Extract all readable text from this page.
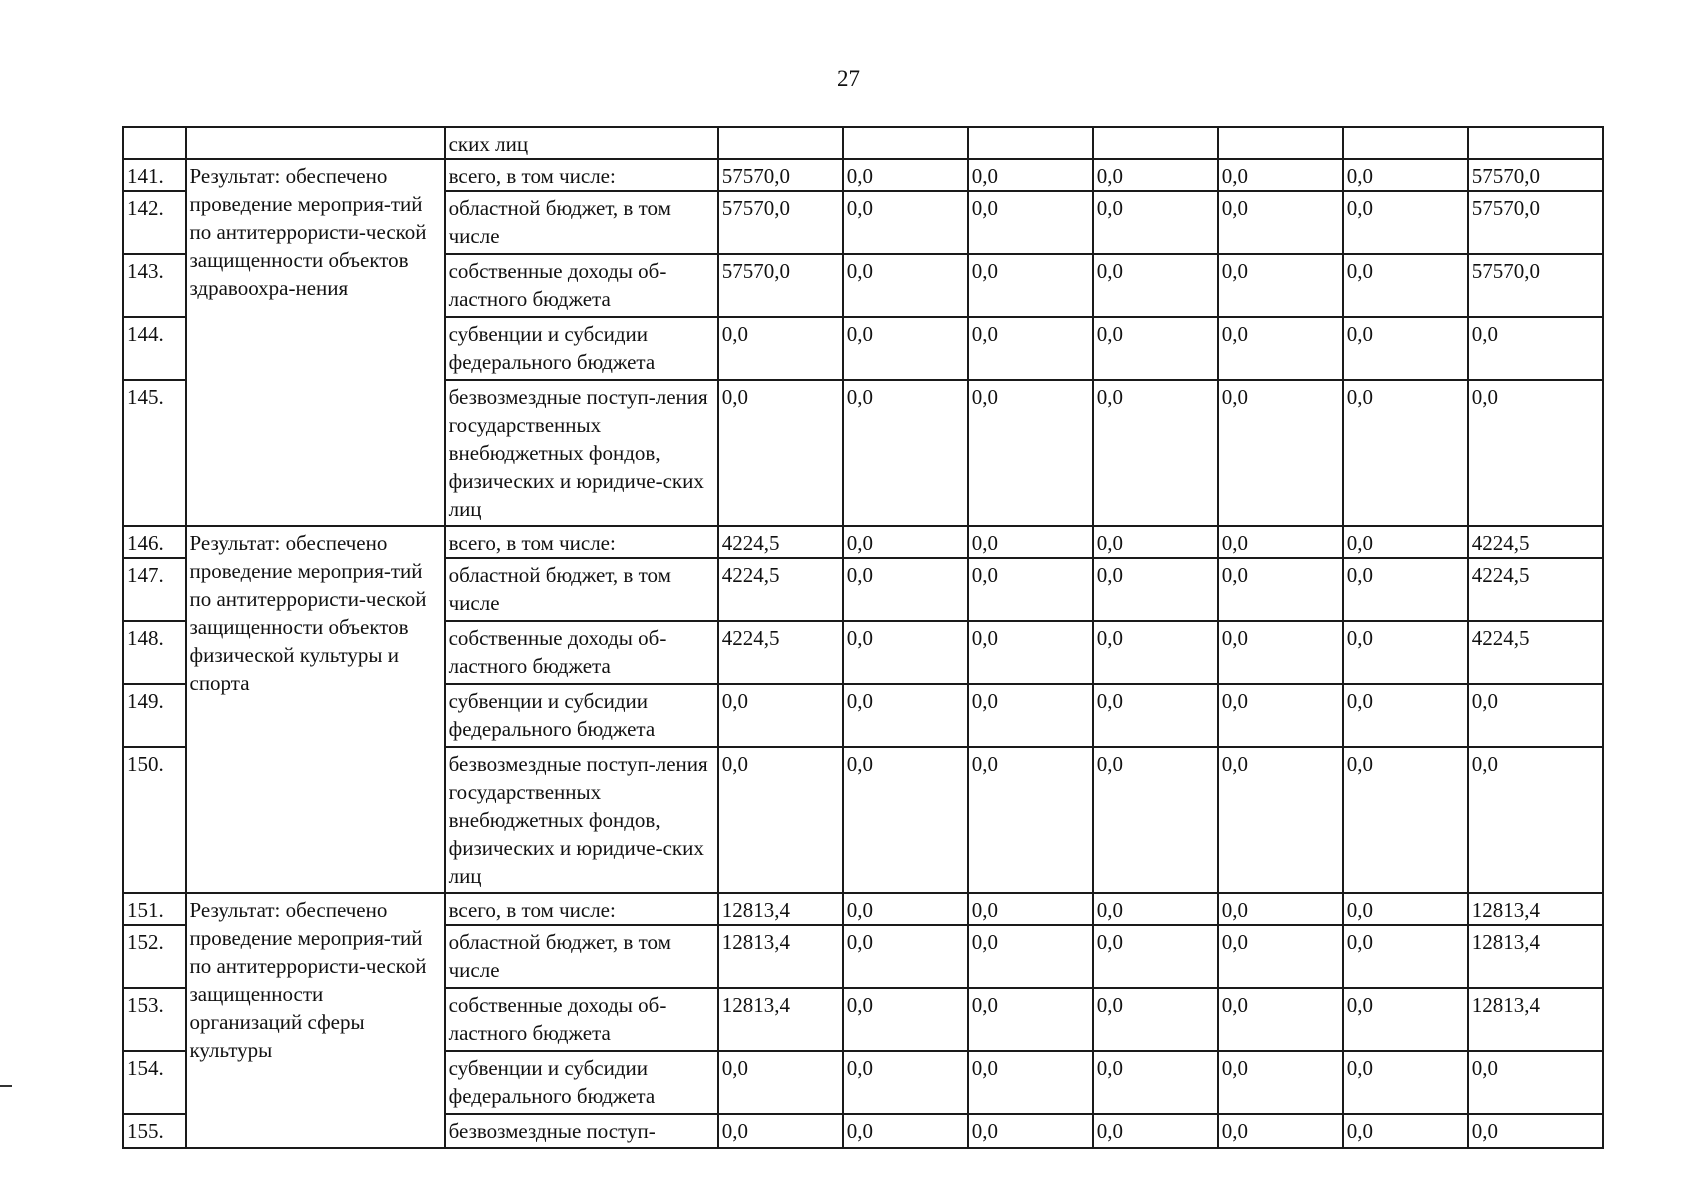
27
		ских лиц							
141.	Результат: обеспечено проведение мероприя-тий по антитеррористи-ческой защищенности объектов здравоохра-нения	всего, в том числе:	57570,0	0,0	0,0	0,0	0,0	0,0	57570,0
142.		областной бюджет, в том числе	57570,0	0,0	0,0	0,0	0,0	0,0	57570,0
143.		собственные доходы об-ластного бюджета	57570,0	0,0	0,0	0,0	0,0	0,0	57570,0
144.		субвенции и субсидии федерального бюджета	0,0	0,0	0,0	0,0	0,0	0,0	0,0
145.		безвозмездные поступ-ления государственных внебюджетных фондов, физических и юридиче-ских лиц	0,0	0,0	0,0	0,0	0,0	0,0	0,0
146.	Результат: обеспечено проведение мероприя-тий по антитеррористи-ческой защищенности объектов физической культуры и спорта	всего, в том числе:	4224,5	0,0	0,0	0,0	0,0	0,0	4224,5
147.		областной бюджет, в том числе	4224,5	0,0	0,0	0,0	0,0	0,0	4224,5
148.		собственные доходы об-ластного бюджета	4224,5	0,0	0,0	0,0	0,0	0,0	4224,5
149.		субвенции и субсидии федерального бюджета	0,0	0,0	0,0	0,0	0,0	0,0	0,0
150.		безвозмездные поступ-ления государственных внебюджетных фондов, физических и юридиче-ских лиц	0,0	0,0	0,0	0,0	0,0	0,0	0,0
151.	Результат: обеспечено проведение мероприя-тий по антитеррористи-ческой защищенности организаций сферы культуры	всего, в том числе:	12813,4	0,0	0,0	0,0	0,0	0,0	12813,4
152.		областной бюджет, в том числе	12813,4	0,0	0,0	0,0	0,0	0,0	12813,4
153.		собственные доходы об-ластного бюджета	12813,4	0,0	0,0	0,0	0,0	0,0	12813,4
154.		субвенции и субсидии федерального бюджета	0,0	0,0	0,0	0,0	0,0	0,0	0,0
155.		безвозмездные поступ-	0,0	0,0	0,0	0,0	0,0	0,0	0,0
